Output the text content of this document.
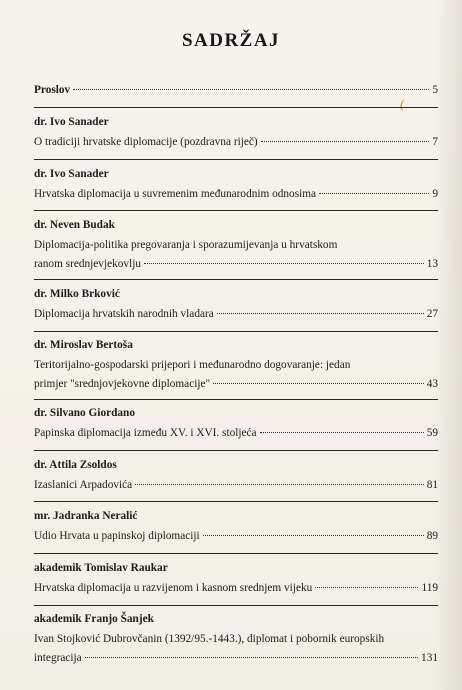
SADRŽAJ
(
Proslov	5
dr. Ivo Sanader
O tradiciji hrvatske diplomacije (pozdravna riječ)	7
dr. Ivo Sanader
Hrvatska diplomacija u suvremenim međunarodnim odnosima	9
dr. Neven Budak
Diplomacija-politika pregovaranja i sporazumijevanja u hrvatskom
ranom srednjevjekovlju	13
dr. Milko Brković
Diplomacija hrvatskih narodnih vladara	27
dr. Miroslav Bertoša
Teritorijalno-gospodarski prijepori i međunarodno dogovaranje: jedan
primjer "srednjovjekovne diplomacije"	43
dr. Silvano Giordano
Papinska diplomacija između XV. i XVI. stoljeća	59
dr. Attila Zsoldos
Izaslanici Arpadovića	81
mr. Jadranka Neralić
Udio Hrvata u papinskoj diplomaciji	89
akademik Tomislav Raukar
Hrvatska diplomacija u razvijenom i kasnom srednjem vijeku	119
akademik Franjo Šanjek
Ivan Stojković Dubrovčanin (1392/95.-1443.), diplomat i pobornik europskih
integracija	131
